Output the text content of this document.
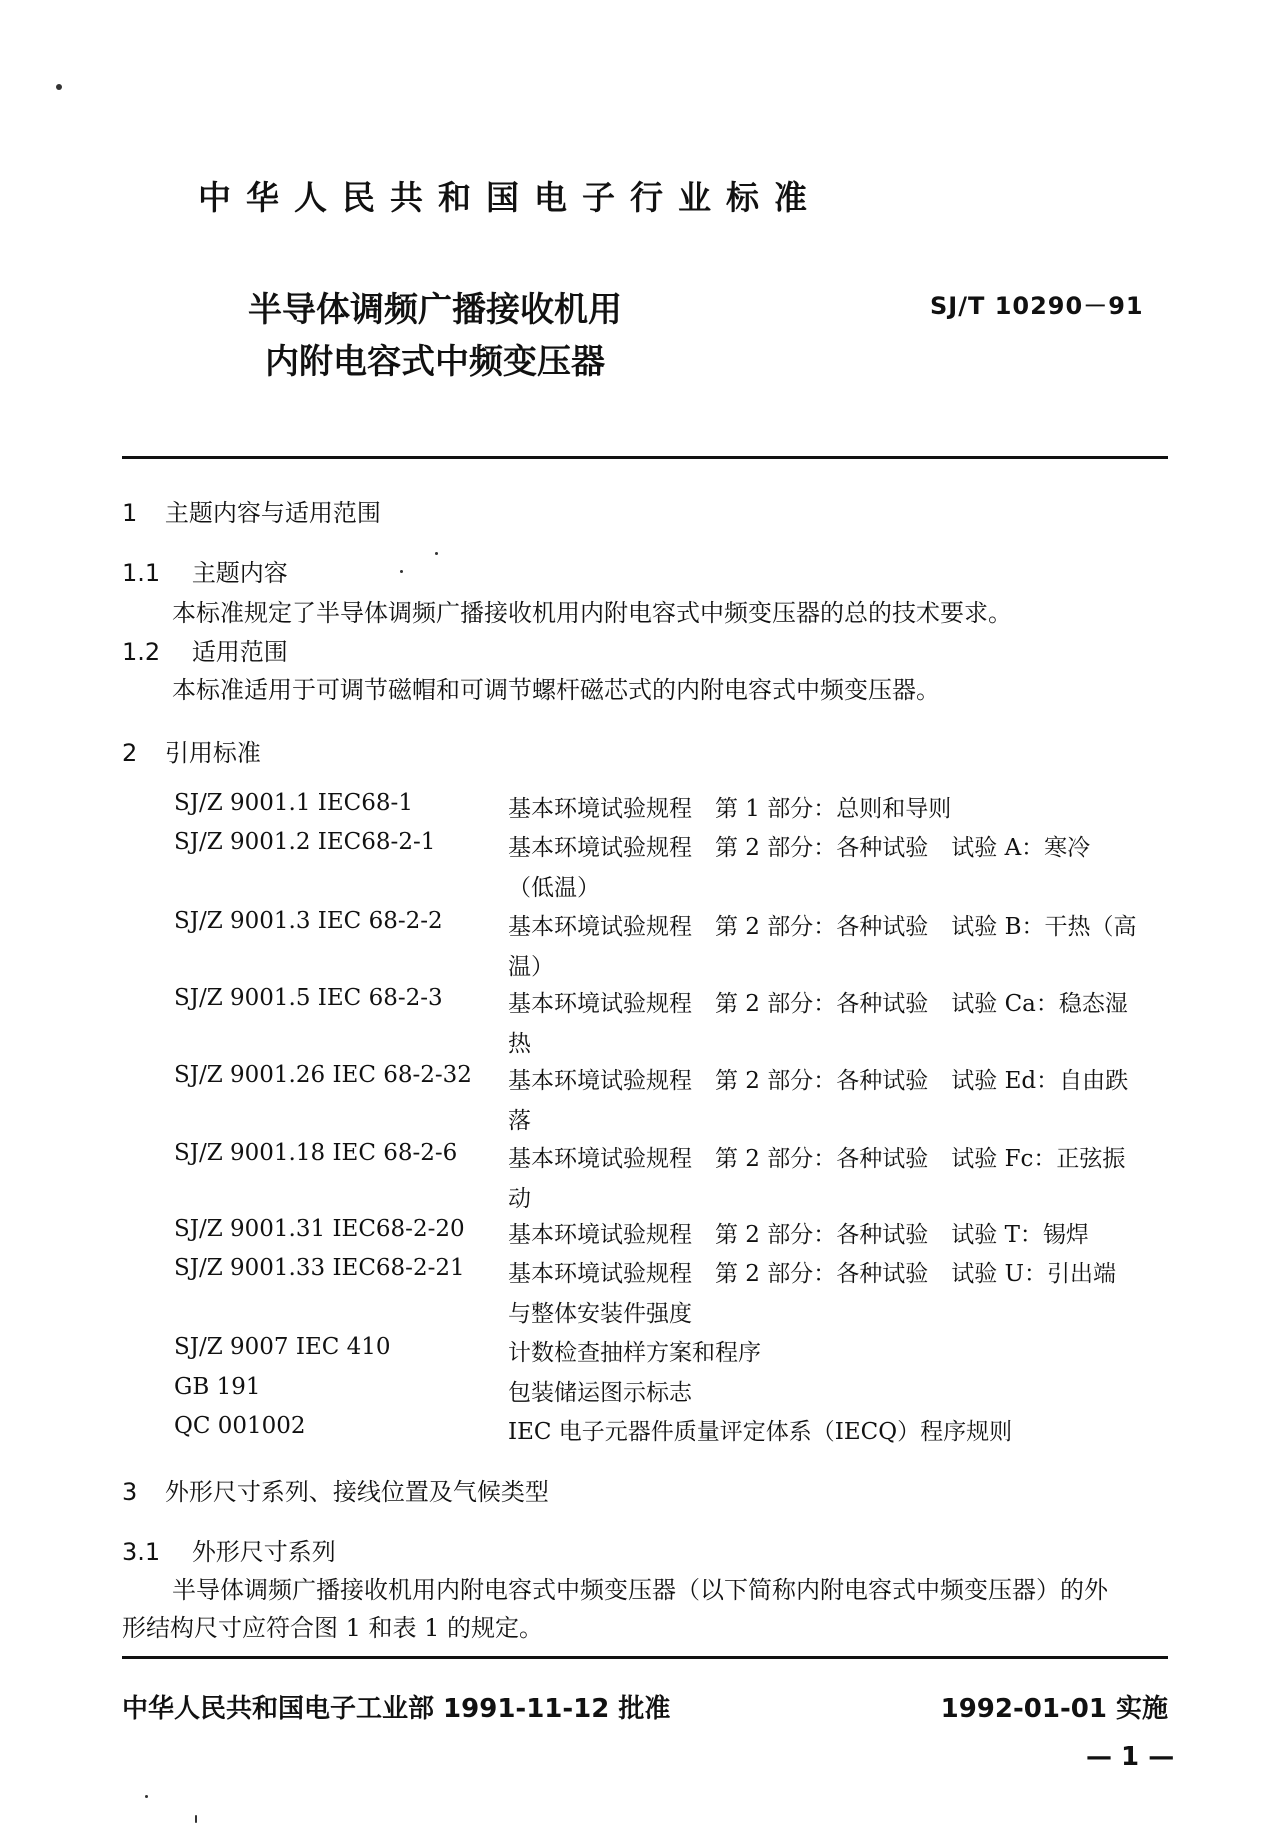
中华人民共和国电子行业标准
半导体调频广播接收机用
内附电容式中频变压器
SJ/T 10290－91
1 主题内容与适用范围
1.1 主题内容
本标准规定了半导体调频广播接收机用内附电容式中频变压器的总的技术要求。
1.2 适用范围
本标准适用于可调节磁帽和可调节螺杆磁芯式的内附电容式中频变压器。
2 引用标准
SJ/Z 9001.1 IEC68-1	基本环境试验规程　第 1 部分：总则和导则
SJ/Z 9001.2 IEC68-2-1	基本环境试验规程　第 2 部分：各种试验　试验 A：寒冷
（低温）
SJ/Z 9001.3 IEC 68-2-2	基本环境试验规程　第 2 部分：各种试验　试验 B：干热（高
温）
SJ/Z 9001.5 IEC 68-2-3	基本环境试验规程　第 2 部分：各种试验　试验 Ca：稳态湿
热
SJ/Z 9001.26 IEC 68-2-32 基本环境试验规程　第 2 部分：各种试验　试验 Ed：自由跌
落
SJ/Z 9001.18 IEC 68-2-6 基本环境试验规程　第 2 部分：各种试验　试验 Fc：正弦振
动
SJ/Z 9001.31 IEC68-2-20 基本环境试验规程　第 2 部分：各种试验　试验 T：锡焊
SJ/Z 9001.33 IEC68-2-21 基本环境试验规程　第 2 部分：各种试验　试验 U：引出端
与整体安装件强度
SJ/Z 9007 IEC 410	计数检查抽样方案和程序
GB 191	包装储运图示标志
QC 001002	IEC 电子元器件质量评定体系（IECQ）程序规则
3 外形尺寸系列、接线位置及气候类型
3.1 外形尺寸系列
半导体调频广播接收机用内附电容式中频变压器（以下简称内附电容式中频变压器）的外
形结构尺寸应符合图 1 和表 1 的规定。
中华人民共和国电子工业部 1991-11-12 批准	1992-01-01 实施
— 1 —
